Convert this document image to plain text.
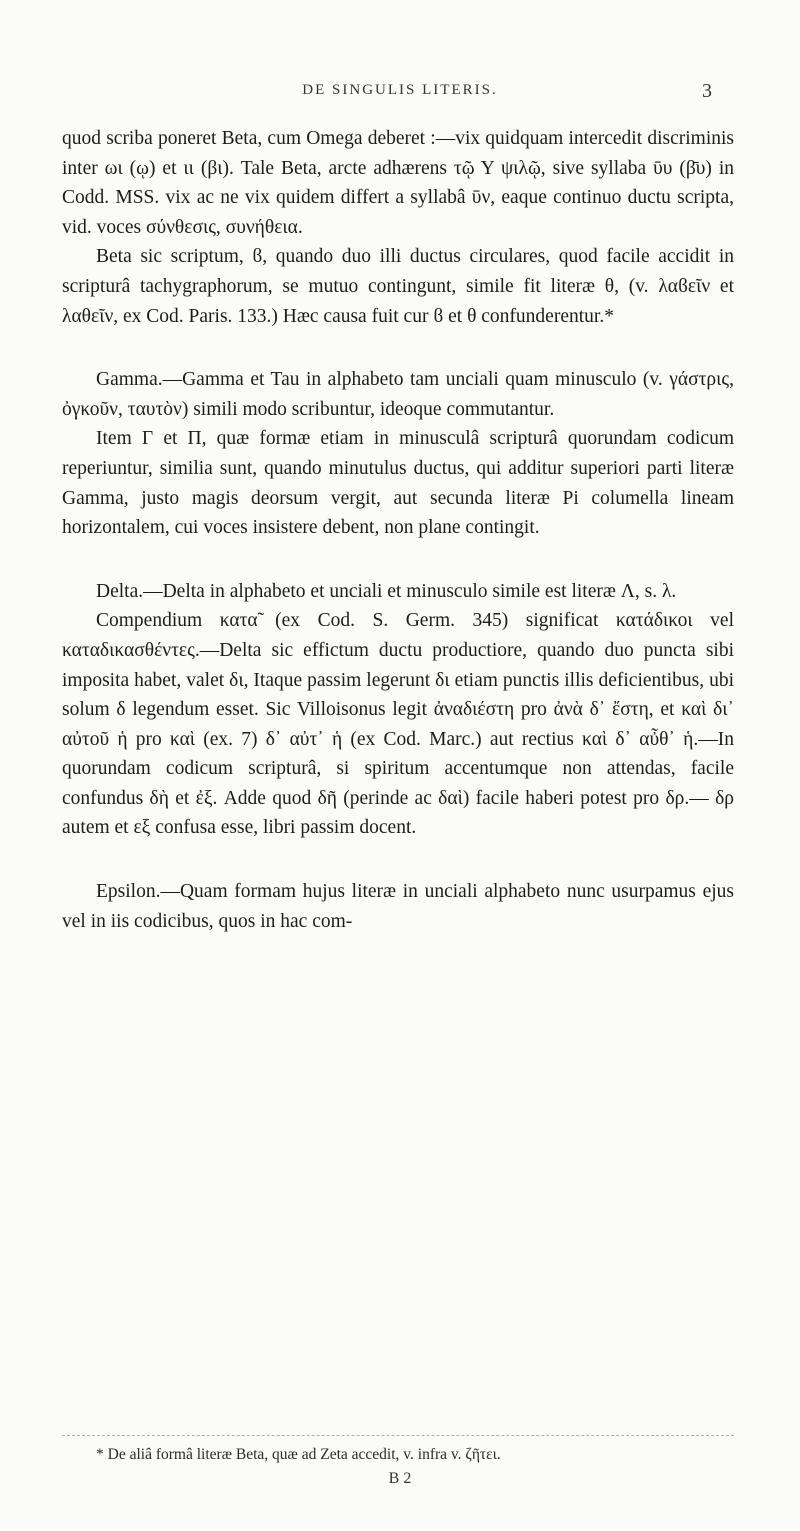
DE SINGULIS LITERIS.	3

quod scriba poneret Beta, cum Omega deberet :—vix quidquam intercedit discriminis inter ωι (ῳ) et ιι (βι). Tale Beta, arcte adhærens τῷ Υ ψιλῷ, sive syllaba ῡυ (β̄υ) in Codd. MSS. vix ac ne vix quidem differt a syllabâ ῡν, eaque continuo ductu scripta, vid. voces σύνθεσις, συνήθεια.

Beta sic scriptum, ϐ, quando duo illi ductus circulares, quod facile accidit in scripturâ tachygraphorum, se mutuo contingunt, simile fit literæ θ, (v. λαϐεῖν et λαθεῖν, ex Cod. Paris. 133.) Hæc causa fuit cur ϐ et θ confunderentur.*

Gamma.—Gamma et Tau in alphabeto tam unciali quam minusculo (v. γάστρις, ὀγκοῦν, ταυτὸν) simili modo scribuntur, ideoque commutantur.

Item Γ et Π, quæ formæ etiam in minusculâ scripturâ quorundam codicum reperiuntur, similia sunt, quando minutulus ductus, qui additur superiori parti literæ Gamma, justo magis deorsum vergit, aut secunda literæ Pi columella lineam horizontalem, cui voces insistere debent, non plane contingit.

Delta.—Delta in alphabeto et unciali et minusculo simile est literæ Λ, s. λ.

Compendium κατα̃ (ex Cod. S. Germ. 345) significat κατάδικοι vel καταδικασθέντες.—Delta sic effictum ductu productiore, quando duo puncta sibi imposita habet, valet δι, Itaque passim legerunt δι etiam punctis illis deficientibus, ubi solum δ legendum esset. Sic Villoisonus legit ἀναδιέστη pro ἀνὰ δ᾽ ἔστη, et καὶ δι᾽ αὐτοῦ ἡ pro καὶ (ex. 7) δ᾽ αὐτ᾽ ἡ (ex Cod. Marc.) aut rectius καὶ δ᾽ αὖθ᾽ ἡ.—In quorundam codicum scripturâ, si spiritum accentumque non attendas, facile confundus δὴ et ἐξ. Adde quod δῆ (perinde ac δαὶ) facile haberi potest pro δρ.— δρ autem et εξ confusa esse, libri passim docent.

Epsilon.—Quam formam hujus literæ in unciali alphabeto nunc usurpamus ejus vel in iis codicibus, quos in hac com-

* De aliâ formâ literæ Beta, quæ ad Zeta accedit, v. infra v. ζῆτει.
B 2
